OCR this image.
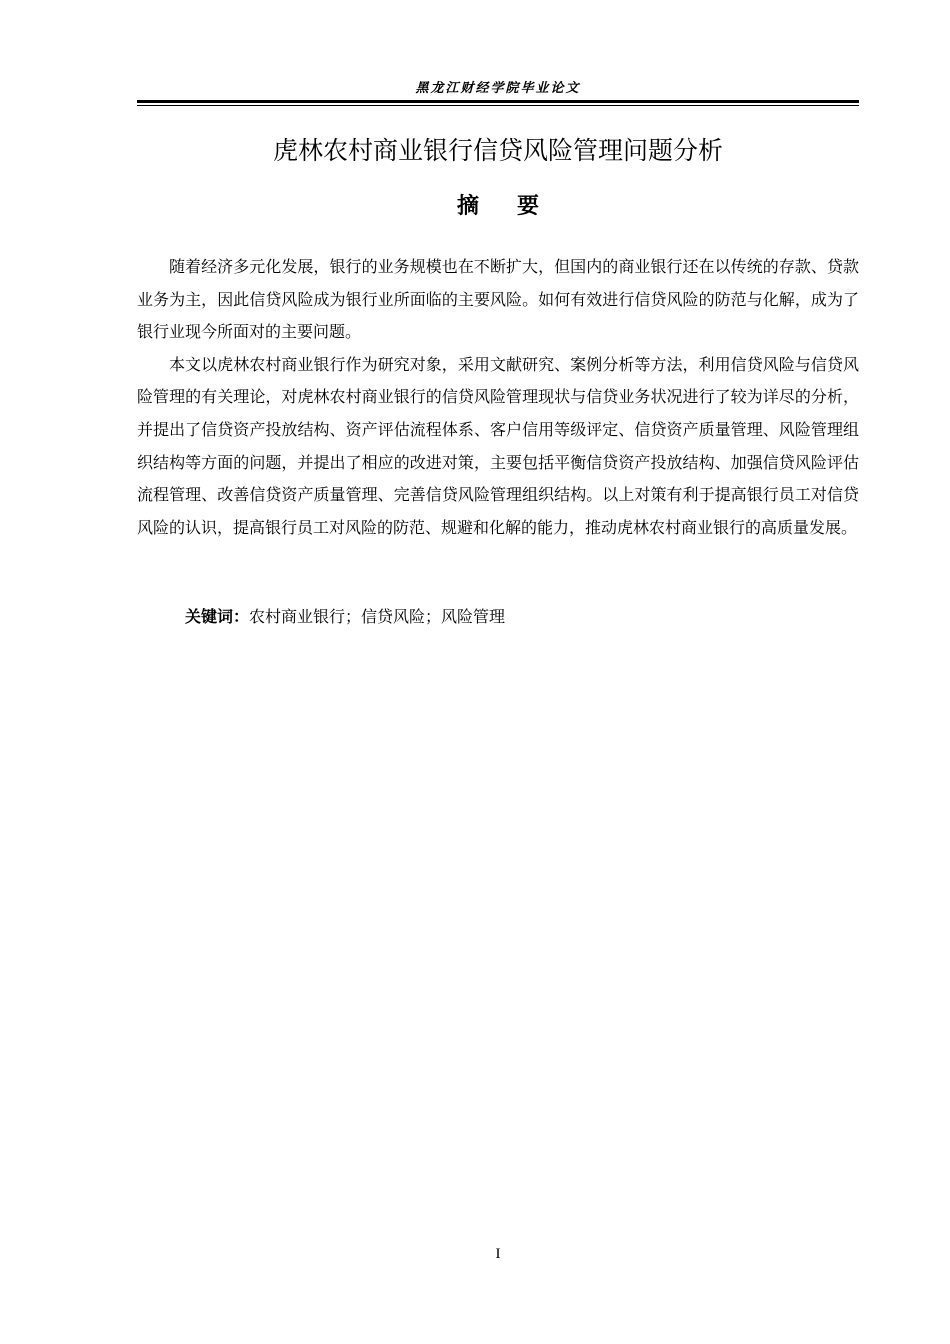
黑龙江财经学院毕业论文
虎林农村商业银行信贷风险管理问题分析
摘要

随着经济多元化发展，银行的业务规模也在不断扩大，但国内的商业银行还在以传统的存款、贷款业务为主，因此信贷风险成为银行业所面临的主要风险。如何有效进行信贷风险的防范与化解，成为了银行业现今所面对的主要问题。

本文以虎林农村商业银行作为研究对象，采用文献研究、案例分析等方法，利用信贷风险与信贷风险管理的有关理论，对虎林农村商业银行的信贷风险管理现状与信贷业务状况进行了较为详尽的分析，并提出了信贷资产投放结构、资产评估流程体系、客户信用等级评定、信贷资产质量管理、风险管理组织结构等方面的问题，并提出了相应的改进对策，主要包括平衡信贷资产投放结构、加强信贷风险评估流程管理、改善信贷资产质量管理、完善信贷风险管理组织结构。以上对策有利于提高银行员工对信贷风险的认识，提高银行员工对风险的防范、规避和化解的能力，推动虎林农村商业银行的高质量发展。

关键词：农村商业银行；信贷风险；风险管理
I
